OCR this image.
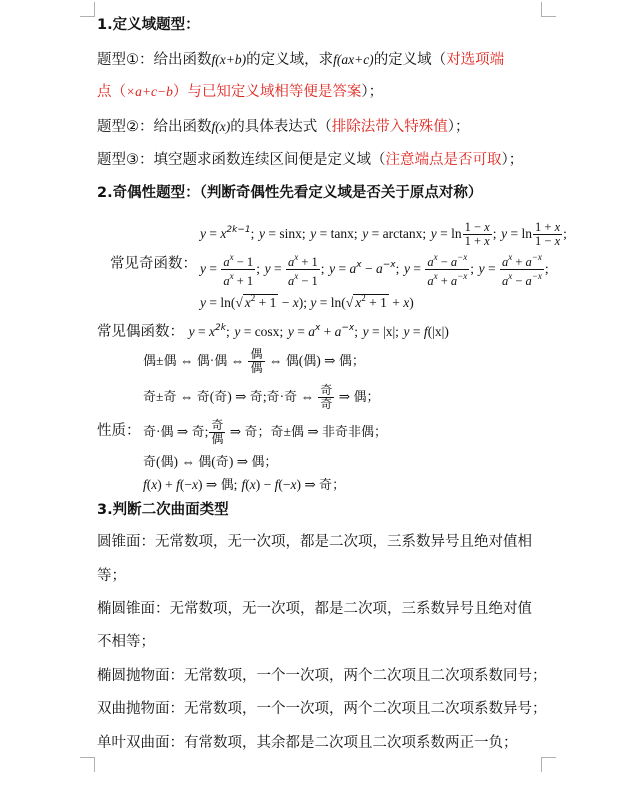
1.定义域题型：
题型①：给出函数f(x+b)的定义域，求f(ax+c)的定义域（对选项端
点（×a+c−b）与已知定义域相等便是答案）；
题型②：给出函数f(x)的具体表达式（排除法带入特殊值）；
题型③：填空题求函数连续区间便是定义域（注意端点是否可取）；
2.奇偶性题型：（判断奇偶性先看定义域是否关于原点对称）
$y = x^{2k-1}$; y = sinx; y = tanx; y = arctanx; $y = \ln \frac{1 - x}{1 + x}$ ; $y = \ln \frac{1 + x}{1 - x}$ ;
常见奇函数： $y = \frac{a^x - 1}{a^x + 1}$ ; $y = \frac{a^x + 1}{a^x - 1}$ ; $y = a^x - a^{-x}$; $y = \frac{a^x - a^{-x}}{a^x + a^{-x}}$ ; $y = \frac{a^x + a^{-x}}{a^x - a^{-x}}$ ;
y = ln(√ $x^2 + 1 - x$); y = ln(√ $x^2 + 1 + x$)
常见偶函数： $y = x^{2k}$; y = cosx; $y = a^x + a^{-x}$; y = |x|; y = f(|x|)
偶±偶 ⇔ 偶·偶 ⇔ $\frac{\text{偶}}{\text{偶}}$ ⇔ 偶(偶) ⇒ 偶；
奇±奇 ⇔ 奇(奇) ⇒ 奇;奇·奇 ⇔ $\frac{\text{奇}}{\text{奇}}$ ⇒ 偶；
性质： 奇·偶 ⇒ 奇; $\frac{\text{奇}}{\text{偶}}$ ⇒ 奇；奇±偶 ⇒ 非奇非偶；
奇(偶) ⇔ 偶(奇) ⇒ 偶；
f(x) + f(−x) ⇒ 偶; f(x) − f(−x) ⇒ 奇；
3.判断二次曲面类型
圆锥面：无常数项，无一次项，都是二次项，三系数异号且绝对值相
等；
椭圆锥面：无常数项，无一次项，都是二次项，三系数异号且绝对值
不相等；
椭圆抛物面：无常数项，一个一次项，两个二次项且二次项系数同号；
双曲抛物面：无常数项，一个一次项，两个二次项且二次项系数异号；
单叶双曲面：有常数项，其余都是二次项且二次项系数两正一负；
